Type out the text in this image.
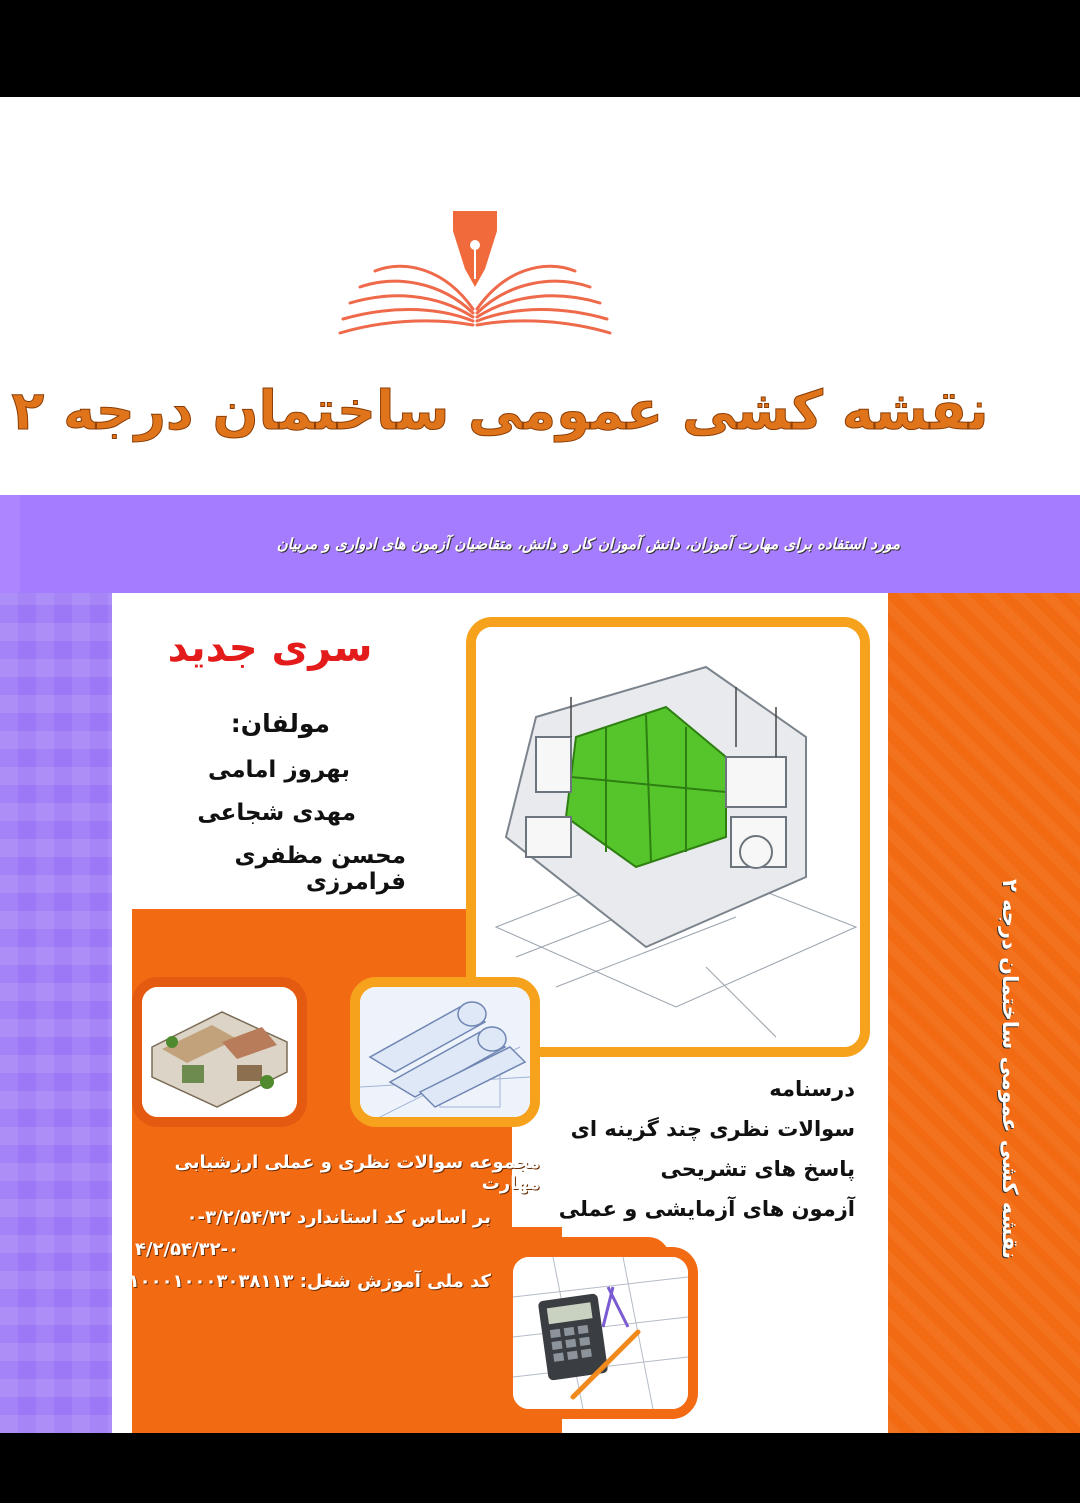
نقشه کشی عمومی ساختمان درجه ۲
مورد استفاده برای مهارت آموزان، دانش آموزان کار و دانش، متقاضیان آزمون های ادواری و مربیان
سری جدید
مولفان:
بهروز امامی
مهدی شجاعی
محسن مظفری فرامرزی
مجموعه سوالات نظری و عملی ارزشیابی مهارت
بر اساس کد استاندارد ۳/۲/۵۴/۳۲-۰
۴/۲/۵۴/۳۲-۰
کد ملی آموزش شغل: ۱۰۰۰۱۰۰۰۳۰۳۸۱۱۳
درسنامه
سوالات نظری چند گزینه ای
پاسخ های تشریحی
آزمون های آزمایشی و عملی
نقشه کشی عمومی ساختمان درجه ۲
